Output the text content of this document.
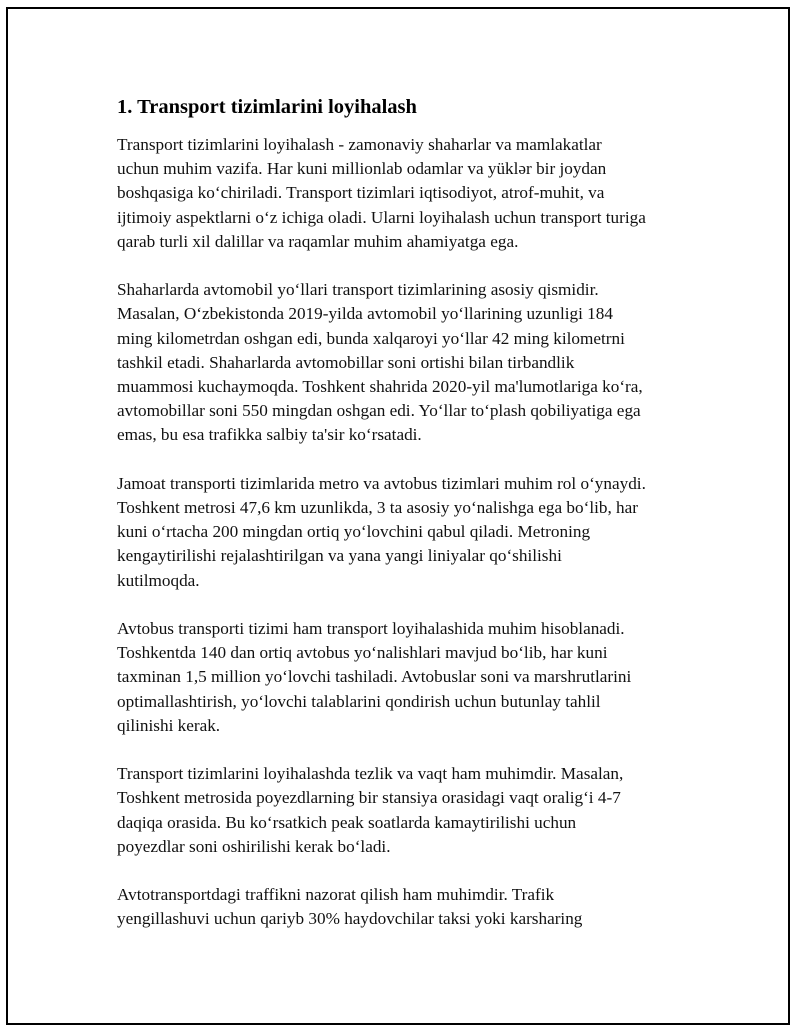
1. Transport tizimlarini loyihalash

Transport tizimlarini loyihalash - zamonaviy shaharlar va mamlakatlar
uchun muhim vazifa. Har kuni millionlab odamlar va yüklər bir joydan
boshqasiga koʻchiriladi. Transport tizimlari iqtisodiyot, atrof-muhit, va
ijtimoiy aspektlarni oʻz ichiga oladi. Ularni loyihalash uchun transport turiga
qarab turli xil dalillar va raqamlar muhim ahamiyatga ega.

Shaharlarda avtomobil yoʻllari transport tizimlarining asosiy qismidir.
Masalan, Oʻzbekistonda 2019-yilda avtomobil yoʻllarining uzunligi 184
ming kilometrdan oshgan edi, bunda xalqaroyi yoʻllar 42 ming kilometrni
tashkil etadi. Shaharlarda avtomobillar soni ortishi bilan tirbandlik
muammosi kuchaymoqda. Toshkent shahrida 2020-yil ma'lumotlariga koʻra,
avtomobillar soni 550 mingdan oshgan edi. Yoʻllar toʻplash qobiliyatiga ega
emas, bu esa trafikka salbiy ta'sir koʻrsatadi.

Jamoat transporti tizimlarida metro va avtobus tizimlari muhim rol oʻynaydi.
Toshkent metrosi 47,6 km uzunlikda, 3 ta asosiy yoʻnalishga ega boʻlib, har
kuni oʻrtacha 200 mingdan ortiq yoʻlovchini qabul qiladi. Metroning
kengaytirilishi rejalashtirilgan va yana yangi liniyalar qoʻshilishi
kutilmoqda.

Avtobus transporti tizimi ham transport loyihalashida muhim hisoblanadi.
Toshkentda 140 dan ortiq avtobus yoʻnalishlari mavjud boʻlib, har kuni
taxminan 1,5 million yoʻlovchi tashiladi. Avtobuslar soni va marshrutlarini
optimallashtirish, yoʻlovchi talablarini qondirish uchun butunlay tahlil
qilinishi kerak.

Transport tizimlarini loyihalashda tezlik va vaqt ham muhimdir. Masalan,
Toshkent metrosida poyezdlarning bir stansiya orasidagi vaqt oraligʻi 4-7
daqiqa orasida. Bu koʻrsatkich peak soatlarda kamaytirilishi uchun
poyezdlar soni oshirilishi kerak boʻladi.

Avtotransportdagi traffikni nazorat qilish ham muhimdir. Trafik
yengillashuvi uchun qariyb 30% haydovchilar taksi yoki karsharing
